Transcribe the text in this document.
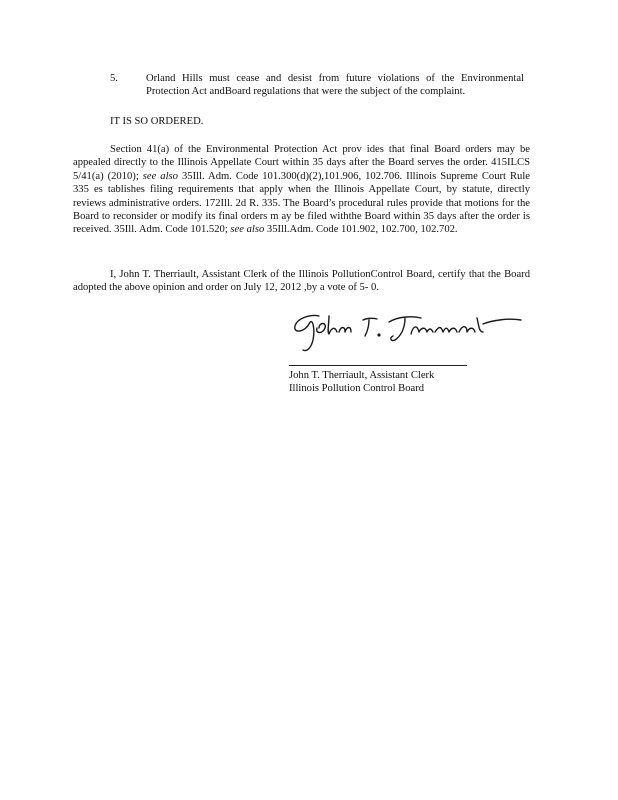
5.	Orland Hills must cease and desist from future violations of the Environmental Protection Act andBoard regulations that were the subject of the complaint.
IT IS SO ORDERED.
Section 41(a) of the Environmental Protection Act prov ides that final Board orders may be appealed directly to the Illinois Appellate Court within 35 days after the Board serves the order. 415ILCS 5/41(a) (2010); see also 35Ill. Adm. Code 101.300(d)(2),101.906, 102.706. Illinois Supreme Court Rule 335 es tablishes filing requirements that apply when the Illinois Appellate Court, by statute, directly reviews administrative orders. 172Ill. 2d R. 335. The Board’s procedural rules provide that motions for the Board to reconsider or modify its final orders m ay be filed withthe Board within 35 days after the order is received. 35Ill. Adm. Code 101.520; see also 35Ill.Adm. Code 101.902, 102.700, 102.702.
I, John T. Therriault, Assistant Clerk of the Illinois PollutionControl Board, certify that the Board adopted the above opinion and order on July 12, 2012 ,by a vote of 5- 0.
John T. Therriault, Assistant Clerk
Illinois Pollution Control Board
